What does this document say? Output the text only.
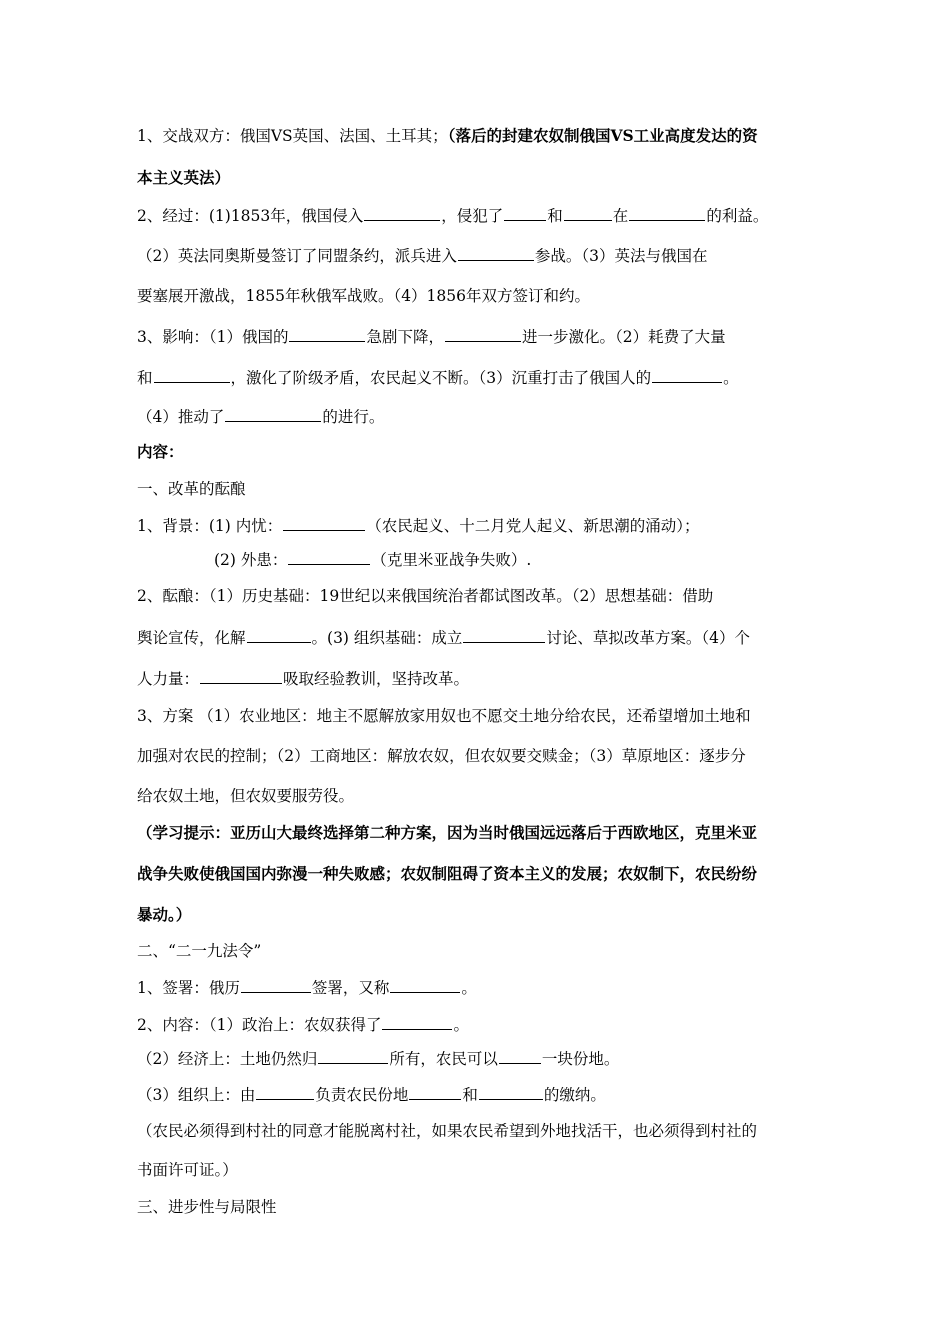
1、交战双方：俄国VS英国、法国、土耳其；（落后的封建农奴制俄国VS工业高度发达的资
本主义英法）
2、经过：(1)1853年，俄国侵入	，侵犯了	和	在	的利益。
（2）英法同奥斯曼签订了同盟条约，派兵进入	参战。（3）英法与俄国在
要塞展开激战，1855年秋俄军战败。（4）1856年双方签订和约。
3、影响：（1）俄国的	急剧下降，	进一步激化。（2）耗费了大量
和	，激化了阶级矛盾，农民起义不断。（3）沉重打击了俄国人的	。
（4）推动了	的进行。
内容：
一、改革的酝酿
1、背景：(1) 内忧：	（农民起义、十二月党人起义、新思潮的涌动）；
(2) 外患：	（克里米亚战争失败）.
2、酝酿：（1）历史基础：19世纪以来俄国统治者都试图改革。（2）思想基础：借助
舆论宣传，化解	。(3) 组织基础：成立	讨论、草拟改革方案。（4）个
人力量：	吸取经验教训，坚持改革。
3、方案 （1）农业地区：地主不愿解放家用奴也不愿交土地分给农民，还希望增加土地和
加强对农民的控制；（2）工商地区：解放农奴，但农奴要交赎金；（3）草原地区：逐步分
给农奴土地，但农奴要服劳役。
（学习提示：亚历山大最终选择第二种方案，因为当时俄国远远落后于西欧地区，克里米亚
战争失败使俄国国内弥漫一种失败感；农奴制阻碍了资本主义的发展；农奴制下，农民纷纷
暴动。）
二、“二一九法令”
1、签署：俄历	签署，又称	。
2、内容：（1）政治上：农奴获得了	。
（2）经济上：土地仍然归	所有，农民可以	一块份地。
（3）组织上：由	负责农民份地	和	的缴纳。
（农民必须得到村社的同意才能脱离村社，如果农民希望到外地找活干，也必须得到村社的
书面许可证。）
三、进步性与局限性
